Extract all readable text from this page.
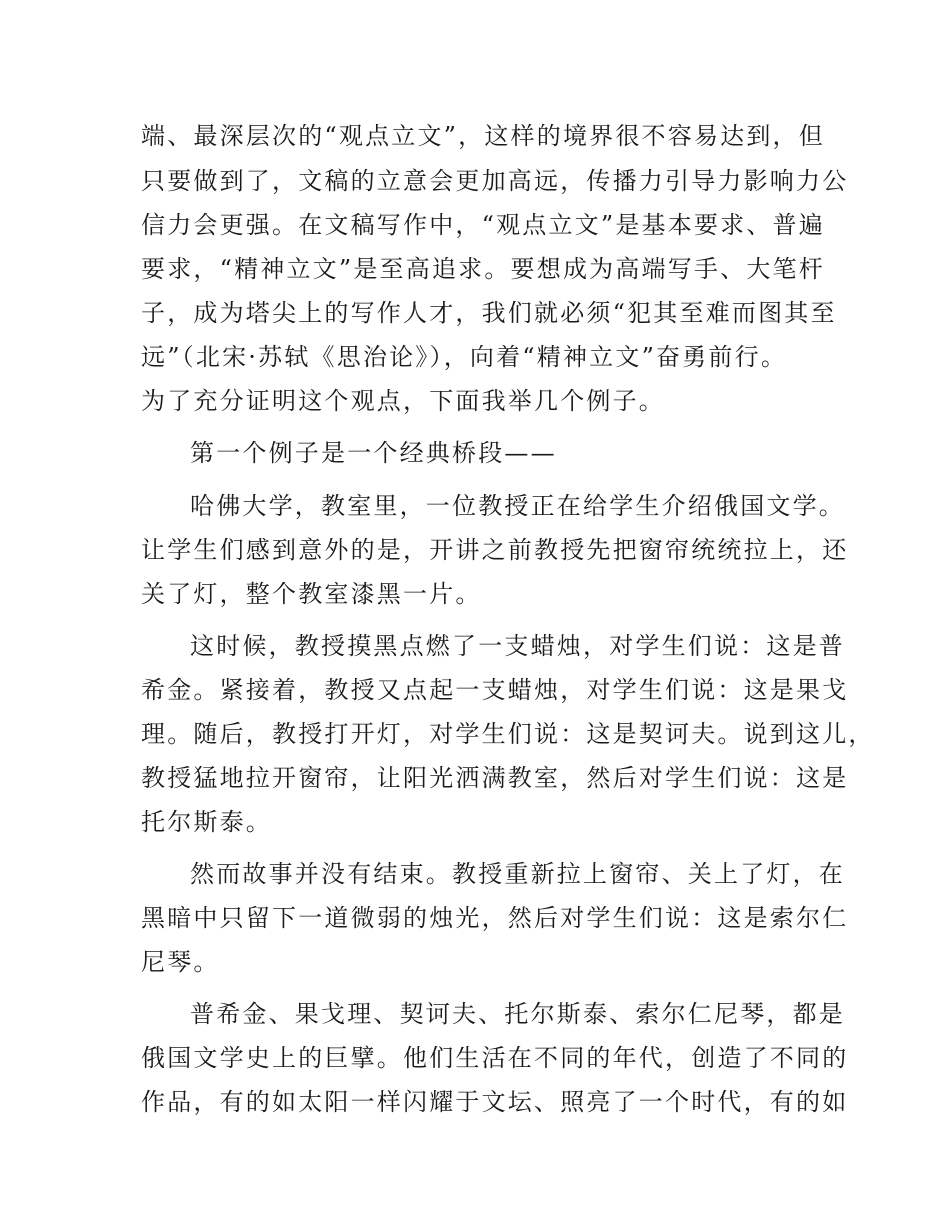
端、最深层次的“观点立文”，这样的境界很不容易达到，但
只要做到了，文稿的立意会更加高远，传播力引导力影响力公
信力会更强。在文稿写作中，“观点立文”是基本要求、普遍
要求，“精神立文”是至高追求。要想成为高端写手、大笔杆
子，成为塔尖上的写作人才，我们就必须“犯其至难而图其至
远”（北宋·苏轼《思治论》），向着“精神立文”奋勇前行。
为了充分证明这个观点，下面我举几个例子。
第一个例子是一个经典桥段——
哈佛大学，教室里，一位教授正在给学生介绍俄国文学。
让学生们感到意外的是，开讲之前教授先把窗帘统统拉上，还
关了灯，整个教室漆黑一片。
这时候，教授摸黑点燃了一支蜡烛，对学生们说：这是普
希金。紧接着，教授又点起一支蜡烛，对学生们说：这是果戈
理。随后，教授打开灯，对学生们说：这是契诃夫。说到这儿，
教授猛地拉开窗帘，让阳光洒满教室，然后对学生们说：这是
托尔斯泰。
然而故事并没有结束。教授重新拉上窗帘、关上了灯，在
黑暗中只留下一道微弱的烛光，然后对学生们说：这是索尔仁
尼琴。
普希金、果戈理、契诃夫、托尔斯泰、索尔仁尼琴，都是
俄国文学史上的巨擘。他们生活在不同的年代，创造了不同的
作品，有的如太阳一样闪耀于文坛、照亮了一个时代，有的如
